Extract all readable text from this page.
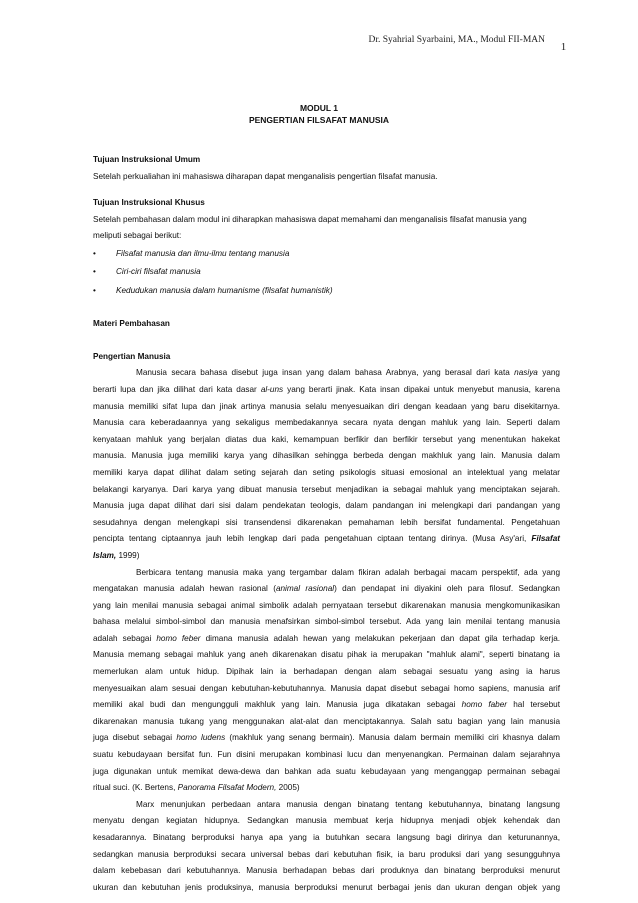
Dr. Syahrial Syarbaini, MA., Modul FII-MAN
1
MODUL 1
PENGERTIAN FILSAFAT MANUSIA

Tujuan Instruksional Umum

Setelah perkualiahan ini mahasiswa diharapan dapat menganalisis pengertian filsafat manusia.

Tujuan Instruksional Khusus

Setelah pembahasan dalam modul ini diharapkan mahasiswa dapat memahami dan menganalisis filsafat manusia yang

meliputi sebagai berikut:

• Filsafat manusia dan ilmu-ilmu tentang manusia
• Ciri-ciri filsafat manusia
• Kedudukan manusia dalam humanisme (filsafat humanistik)

Materi Pembahasan

Pengertian Manusia

Manusia secara bahasa disebut juga insan yang dalam bahasa Arabnya, yang berasal dari kata nasiya yang

berarti lupa dan jika dilihat dari kata dasar al-uns yang berarti jinak. Kata insan dipakai untuk menyebut manusia, karena

manusia memiliki sifat lupa dan jinak artinya manusia selalu menyesuaikan diri dengan keadaan yang baru disekitarnya.

Manusia cara keberadaannya yang sekaligus membedakannya secara nyata dengan mahluk yang lain. Seperti dalam

kenyataan mahluk yang berjalan diatas dua kaki, kemampuan berfikir dan berfikir tersebut yang menentukan hakekat

manusia. Manusia juga memiliki karya yang dihasilkan sehingga berbeda dengan makhluk yang lain. Manusia dalam

memiliki karya dapat dilihat dalam seting sejarah dan seting psikologis situasi emosional an intelektual yang melatar

belakangi karyanya. Dari karya yang dibuat manusia tersebut menjadikan ia sebagai mahluk yang menciptakan sejarah.

Manusia juga dapat dilihat dari sisi dalam pendekatan teologis, dalam pandangan ini melengkapi dari pandangan yang

sesudahnya dengan melengkapi sisi transendensi dikarenakan pemahaman lebih bersifat fundamental. Pengetahuan

pencipta tentang ciptaannya jauh lebih lengkap dari pada pengetahuan ciptaan tentang dirinya. (Musa Asy'ari, Filsafat

Islam, 1999)

Berbicara tentang manusia maka yang tergambar dalam fikiran adalah berbagai macam perspektif, ada yang

mengatakan manusia adalah hewan rasional (animal rasional) dan pendapat ini diyakini oleh para filosuf. Sedangkan

yang lain menilai manusia sebagai animal simbolik adalah pernyataan tersebut dikarenakan manusia mengkomunikasikan

bahasa melalui simbol-simbol dan manusia menafsirkan simbol-simbol tersebut. Ada yang lain menilai tentang manusia

adalah sebagai homo feber dimana manusia adalah hewan yang melakukan pekerjaan dan dapat gila terhadap kerja.

Manusia memang sebagai mahluk yang aneh dikarenakan disatu pihak ia merupakan "mahluk alami", seperti binatang ia

memerlukan alam untuk hidup. Dipihak lain ia berhadapan dengan alam sebagai sesuatu yang asing ia harus

menyesuaikan alam sesuai dengan kebutuhan-kebutuhannya. Manusia dapat disebut sebagai homo sapiens, manusia arif

memiliki akal budi dan mengungguli makhluk yang lain. Manusia juga dikatakan sebagai homo faber hal tersebut

dikarenakan manusia tukang yang menggunakan alat-alat dan menciptakannya. Salah satu bagian yang lain manusia

juga disebut sebagai homo ludens (makhluk yang senang bermain). Manusia dalam bermain memiliki ciri khasnya dalam

suatu kebudayaan bersifat fun. Fun disini merupakan kombinasi lucu dan menyenangkan. Permainan dalam sejarahnya

juga digunakan untuk memikat dewa-dewa dan bahkan ada suatu kebudayaan yang menganggap permainan sebagai

ritual suci. (K. Bertens, Panorama Filsafat Modern, 2005)

Marx menunjukan perbedaan antara manusia dengan binatang tentang kebutuhannya, binatang langsung

menyatu dengan kegiatan hidupnya. Sedangkan manusia membuat kerja hidupnya menjadi objek kehendak dan

kesadarannya. Binatang berproduksi hanya apa yang ia butuhkan secara langsung bagi dirinya dan keturunannya,

sedangkan manusia berproduksi secara universal bebas dari kebutuhan fisik, ia baru produksi dari yang sesungguhnya

dalam kebebasan dari kebutuhannya. Manusia berhadapan bebas dari produknya dan binatang berproduksi menurut

ukuran dan kebutuhan jenis produksinya, manusia berproduksi menurut berbagai jenis dan ukuran dengan objek yang
